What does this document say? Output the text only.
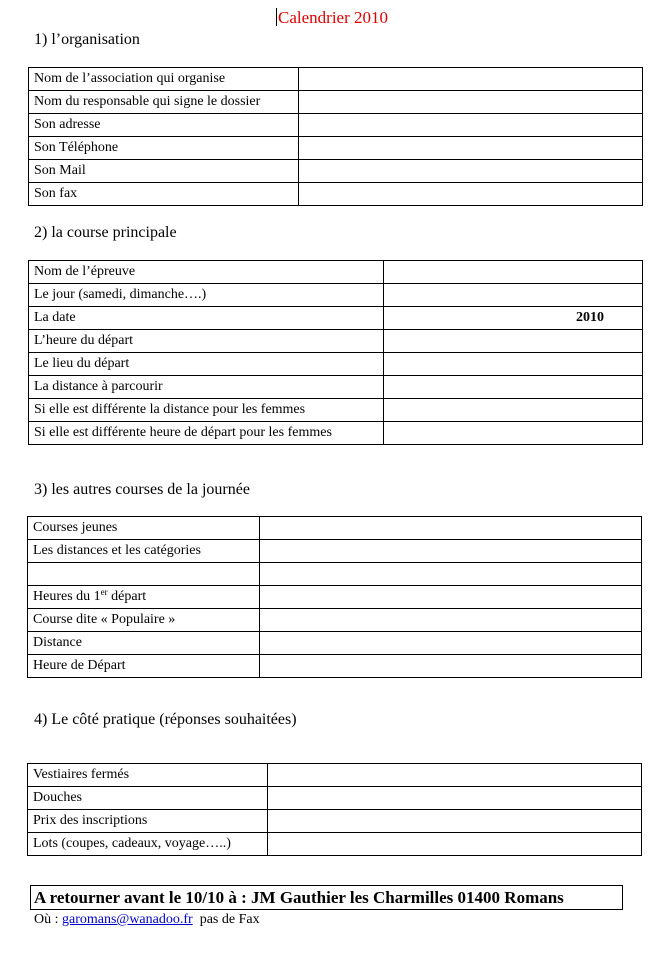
Calendrier 2010
1) l’organisation
Nom de l’association qui organise	
Nom du responsable qui signe le dossier	
Son adresse	
Son Téléphone	
Son Mail	
Son fax	
2) la course principale
Nom de l’épreuve	
Le jour (samedi, dimanche….)	
La date	2010
L’heure du départ	
Le lieu du départ	
La distance à parcourir	
Si elle est différente la distance pour les femmes	
Si elle est différente heure de départ pour les femmes	
3) les autres courses de la journée
Courses jeunes	
Les distances et les catégories	

Heures du 1er départ	
Course dite « Populaire »	
Distance	
Heure de Départ	
4) Le côté pratique (réponses souhaitées)
Vestiaires fermés	
Douches	
Prix des inscriptions	
Lots (coupes, cadeaux, voyage…..)	
A retourner avant le 10/10 à : JM Gauthier les Charmilles 01400 Romans
Où : garomans@wanadoo.fr  pas de Fax
